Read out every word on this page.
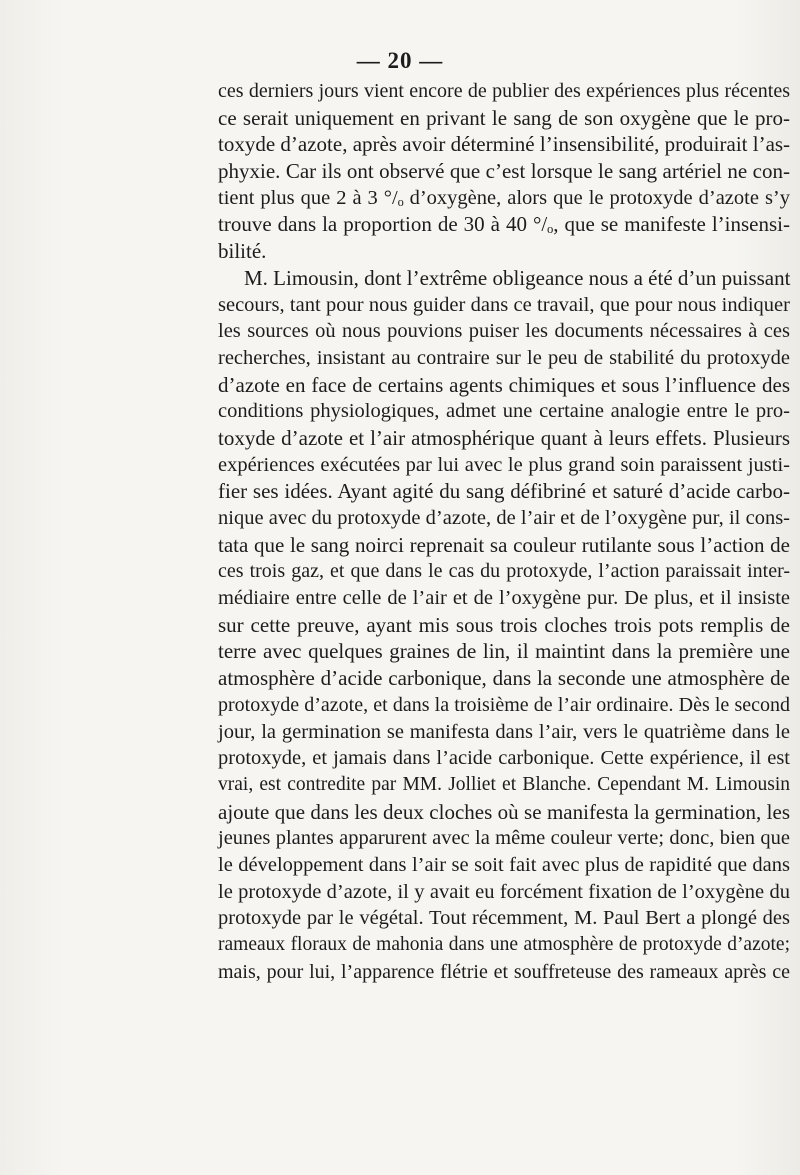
— 20 —
ces derniers jours vient encore de publier des expériences plus récentes
ce serait uniquement en privant le sang de son oxygène que le pro-
toxyde d’azote, après avoir déterminé l’insensibilité, produirait l’as-
phyxie. Car ils ont observé que c’est lorsque le sang artériel ne con-
tient plus que 2 à 3 °/ₒ d’oxygène, alors que le protoxyde d’azote s’y
trouve dans la proportion de 30 à 40 °/ₒ, que se manifeste l’insensi-
bilité.
M. Limousin, dont l’extrême obligeance nous a été d’un puissant
secours, tant pour nous guider dans ce travail, que pour nous indiquer
les sources où nous pouvions puiser les documents nécessaires à ces
recherches, insistant au contraire sur le peu de stabilité du protoxyde
d’azote en face de certains agents chimiques et sous l’influence des
conditions physiologiques, admet une certaine analogie entre le pro-
toxyde d’azote et l’air atmosphérique quant à leurs effets. Plusieurs
expériences exécutées par lui avec le plus grand soin paraissent justi-
fier ses idées. Ayant agité du sang défibriné et saturé d’acide carbo-
nique avec du protoxyde d’azote, de l’air et de l’oxygène pur, il cons-
tata que le sang noirci reprenait sa couleur rutilante sous l’action de
ces trois gaz, et que dans le cas du protoxyde, l’action paraissait inter-
médiaire entre celle de l’air et de l’oxygène pur. De plus, et il insiste
sur cette preuve, ayant mis sous trois cloches trois pots remplis de
terre avec quelques graines de lin, il maintint dans la première une
atmosphère d’acide carbonique, dans la seconde une atmosphère de
protoxyde d’azote, et dans la troisième de l’air ordinaire. Dès le second
jour, la germination se manifesta dans l’air, vers le quatrième dans le
protoxyde, et jamais dans l’acide carbonique. Cette expérience, il est
vrai, est contredite par MM. Jolliet et Blanche. Cependant M. Limousin
ajoute que dans les deux cloches où se manifesta la germination, les
jeunes plantes apparurent avec la même couleur verte; donc, bien que
le développement dans l’air se soit fait avec plus de rapidité que dans
le protoxyde d’azote, il y avait eu forcément fixation de l’oxygène du
protoxyde par le végétal. Tout récemment, M. Paul Bert a plongé des
rameaux floraux de mahonia dans une atmosphère de protoxyde d’azote;
mais, pour lui, l’apparence flétrie et souffreteuse des rameaux après ce
